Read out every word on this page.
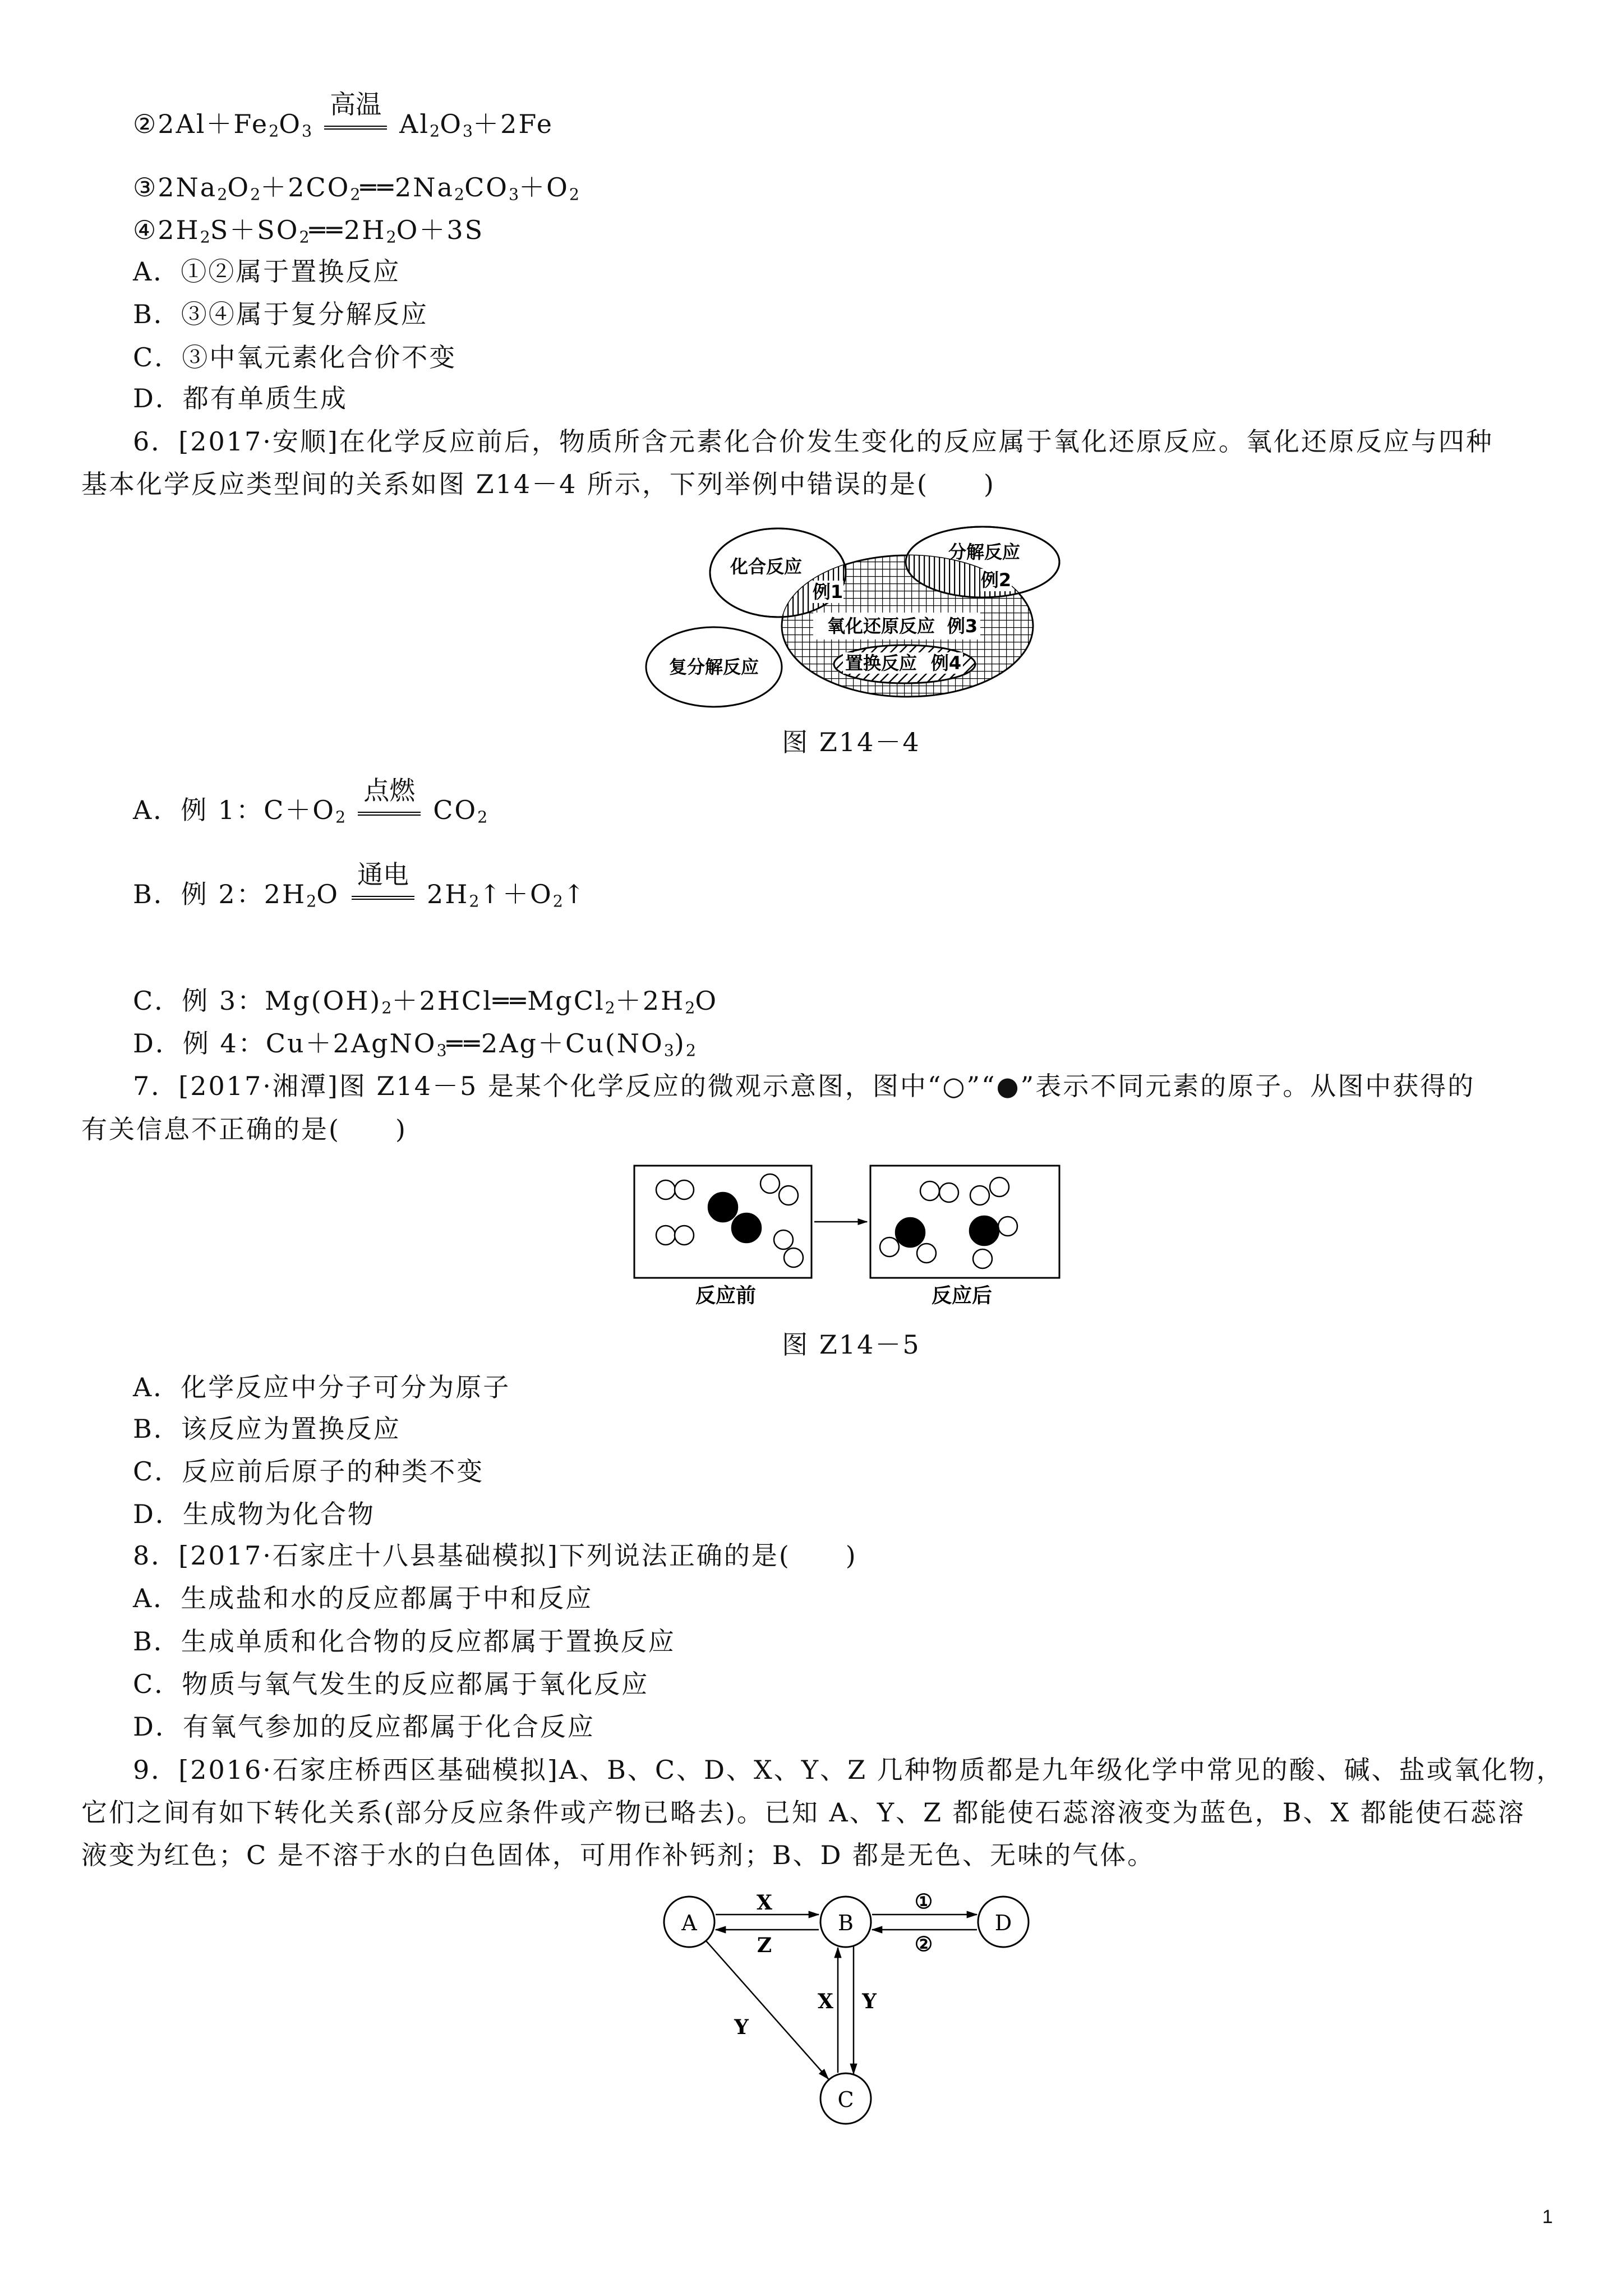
$②2Al+Fe_2O_3$
高温
$Al_2O_3+2Fe$
$③2Na_2O_2+2CO_2══2Na_2CO_3+O_2$
$④2H_2S+SO_2══2H_2O+3S$
A．①②属于置换反应
B．③④属于复分解反应
C．③中氧元素化合价不变
D．都有单质生成
6．[2017·安顺]在化学反应前后，物质所含元素化合价发生变化的反应属于氧化还原反应。氧化还原反应与四种
基本化学反应类型间的关系如图 Z14－4 所示，下列举例中错误的是(　　)
化合反应
例1
分解反应
例2
氧化还原反应 例3
复分解反应	置换反应 例4
图 Z14－4
A．例 1：$C+O_2$
点燃
$CO_2$
B．例 2：$2H_2O$
通电
$2H_2↑+O_2↑$
C．例 3：$Mg(OH)_2+2HCl══MgCl_2+2H_2O$
D．例 4：$Cu+2AgNO_3══2Ag+Cu(NO_3)_2$
7．[2017·湘潭]图 Z14－5 是某个化学反应的微观示意图，图中“○”“●”表示不同元素的原子。从图中获得的
有关信息不正确的是(　　)
反应前	反应后
图 Z14－5
A．化学反应中分子可分为原子
B．该反应为置换反应
C．反应前后原子的种类不变
D．生成物为化合物
8．[2017·石家庄十八县基础模拟]下列说法正确的是(　　)
A．生成盐和水的反应都属于中和反应
B．生成单质和化合物的反应都属于置换反应
C．物质与氧气发生的反应都属于氧化反应
D．有氧气参加的反应都属于化合反应
9．[2016·石家庄桥西区基础模拟]A、B、C、D、X、Y、Z 几种物质都是九年级化学中常见的酸、碱、盐或氧化物，
它们之间有如下转化关系(部分反应条件或产物已略去)。已知 A、Y、Z 都能使石蕊溶液变为蓝色，B、X 都能使石蕊溶
液变为红色；C 是不溶于水的白色固体，可用作补钙剂；B、D 都是无色、无味的气体。
A	B	D
C
X
Z
①
②
X Y
Y
1
